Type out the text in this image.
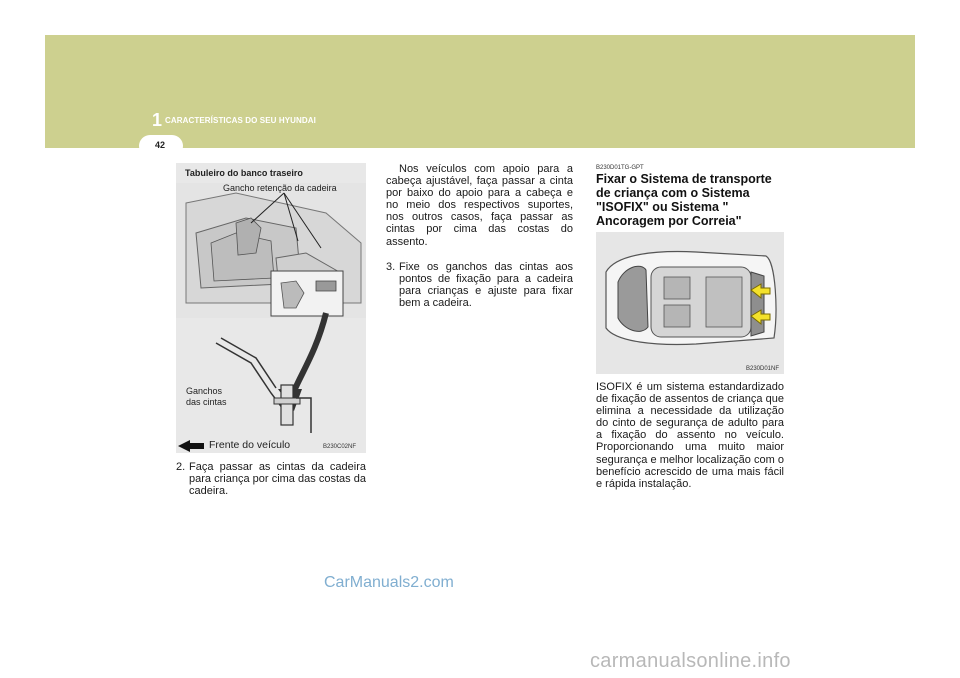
1 CARACTERÍSTICAS DO SEU HYUNDAI
42
Tabuleiro do banco traseiro
Gancho retenção da cadeira
Ganchos
das cintas
Frente do veículo	B230C02NF
2. Faça passar as cintas da cadeira para criança por cima das costas da cadeira.
Nos veículos com apoio para a cabeça ajustável, faça passar a cinta por baixo do apoio para a cabeça e no meio dos respectivos suportes, nos outros casos, faça passar as cintas por cima das costas do assento.
3. Fixe os ganchos das cintas aos pontos de fixação para a cadeira para crianças e ajuste para fixar bem a cadeira.
B230D01TG-GPT
Fixar o Sistema de transporte de criança com o Sistema "ISOFIX" ou Sistema " Ancoragem por Correia"
B230D01NF
ISOFIX é um sistema estandardizado de fixação de assentos de criança que elimina a necessidade da utilização do cinto de segurança de adulto para a fixação do assento no veículo. Proporcionando uma muito maior segurança e melhor localização com o benefício acrescido de uma mais fácil e rápida instalação.
CarManuals2.com
carmanualsonline.info
